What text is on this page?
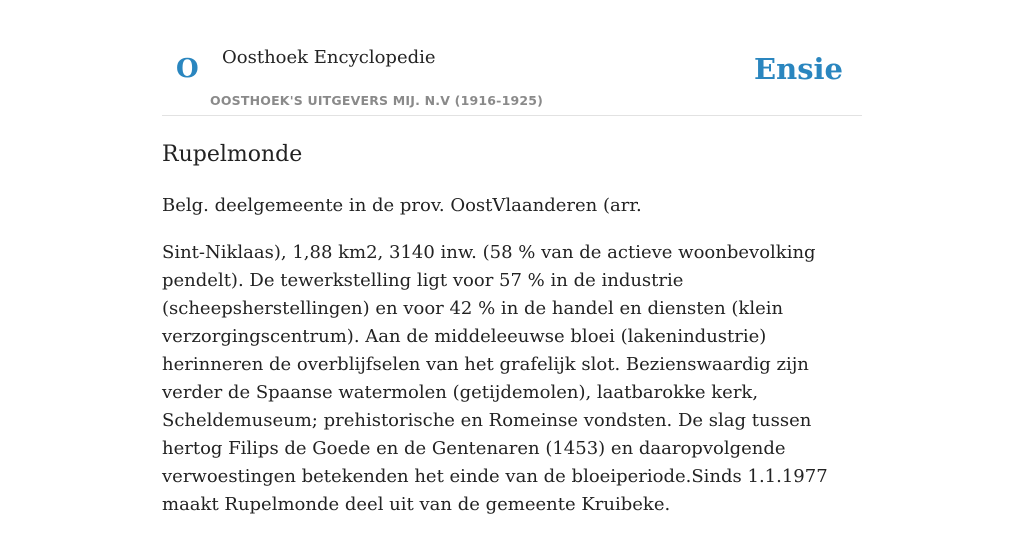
O Oosthoek Encyclopedie
OOSTHOEK'S UITGEVERS MIJ. N.V (1916-1925)
Ensie
Rupelmonde

Belg. deelgemeente in de prov. OostVlaanderen (arr.

Sint-Niklaas), 1,88 km2, 3140 inw. (58 % van de actieve woonbevolking pendelt). De tewerkstelling ligt voor 57 % in de industrie (scheepsherstellingen) en voor 42 % in de handel en diensten (klein verzorgingscentrum). Aan de middeleeuwse bloei (lakenindustrie) herinneren de overblijfselen van het grafelijk slot. Bezienswaardig zijn verder de Spaanse watermolen (getijdemolen), laatbarokke kerk, Scheldemuseum; prehistorische en Romeinse vondsten. De slag tussen hertog Filips de Goede en de Gentenaren (1453) en daaropvolgende verwoestingen betekenden het einde van de bloeiperiode.Sinds 1.1.1977 maakt Rupelmonde deel uit van de gemeente Kruibeke.
